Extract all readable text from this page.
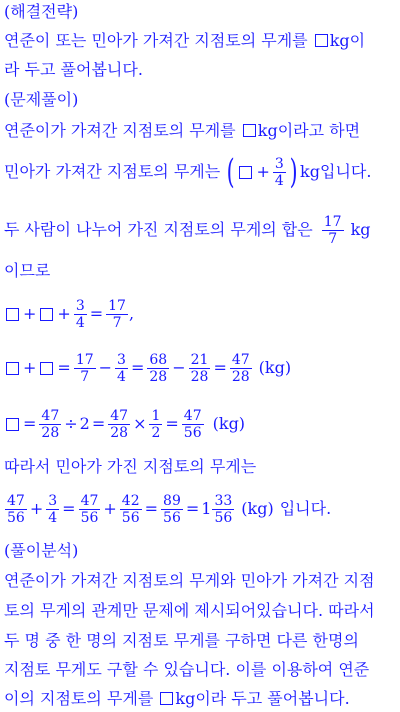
(해결전략)
연준이 또는 민아가 가져간 지점토의 무게를 kg이
라 두고 풀어봅니다.
(문제풀이)
연준이가 가져간 지점토의 무게를 kg이라고 하면
민아가 가져간 지점토의 무게는 ( + $\frac{3}{4}$ ) kg입니다.
두 사람이 나누어 가진 지점토의 무게의 합은 $\frac{17}{7}$ kg
이므로
+ + $\frac{3}{4} = \frac{17}{7}$ ,
+ = $\frac{17}{7} - \frac{3}{4} = \frac{68}{28} - \frac{21}{28} = \frac{47}{28} (kg)$
= $\frac{47}{28} \div 2 = \frac{47}{28} \times \frac{1}{2} = \frac{47}{56} (kg)$
따라서 민아가 가진 지점토의 무게는
$\frac{47}{56} + \frac{3}{4} = \frac{47}{56} + \frac{42}{56} = \frac{89}{56} = 1 \frac{33}{56} (kg)$ 입니다.
(풀이분석)
연준이가 가져간 지점토의 무게와 민아가 가져간 지점
토의 무게의 관계만 문제에 제시되어있습니다. 따라서
두 명 중 한 명의 지점토 무게를 구하면 다른 한명의
지점토 무게도 구할 수 있습니다. 이를 이용하여 연준
이의 지점토의 무게를 kg이라 두고 풀어봅니다.
